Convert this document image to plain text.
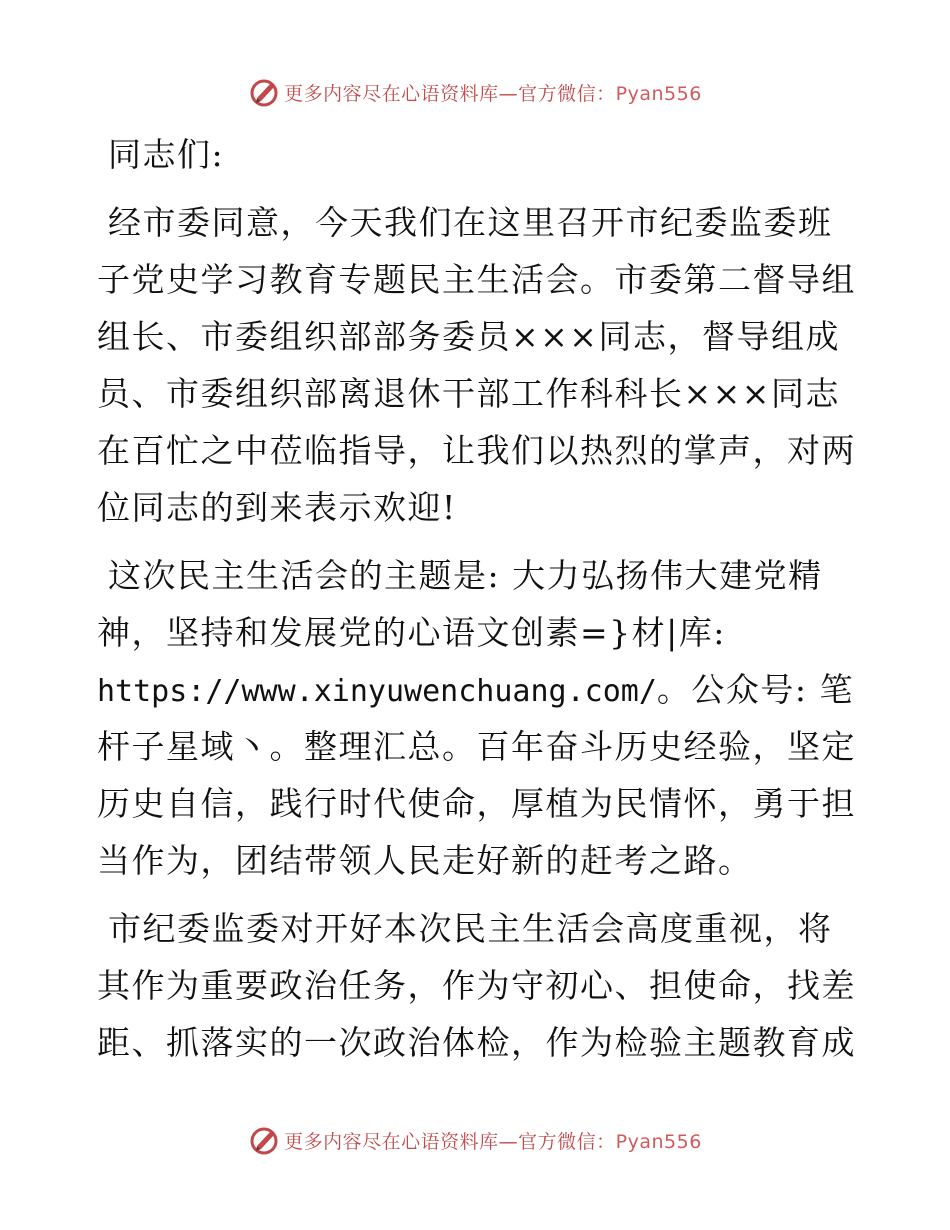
更多内容尽在心语资料库—官方微信：Pyan556
同志们:
经市委同意，今天我们在这里召开市纪委监委班
子党史学习教育专题民主生活会。市委第二督导组
组长、市委组织部部务委员×××同志，督导组成
员、市委组织部离退休干部工作科科长×××同志
在百忙之中莅临指导，让我们以热烈的掌声，对两
位同志的到来表示欢迎!
这次民主生活会的主题是: 大力弘扬伟大建党精
神，坚持和发展党的心语文创素=}材|库:
https://www.xinyuwenchuang.com/。公众号: 笔
杆子星域丶。整理汇总。百年奋斗历史经验，坚定
历史自信，践行时代使命，厚植为民情怀，勇于担
当作为，团结带领人民走好新的赶考之路。
市纪委监委对开好本次民主生活会高度重视，将
其作为重要政治任务，作为守初心、担使命，找差
距、抓落实的一次政治体检，作为检验主题教育成
更多内容尽在心语资料库—官方微信：Pyan556
